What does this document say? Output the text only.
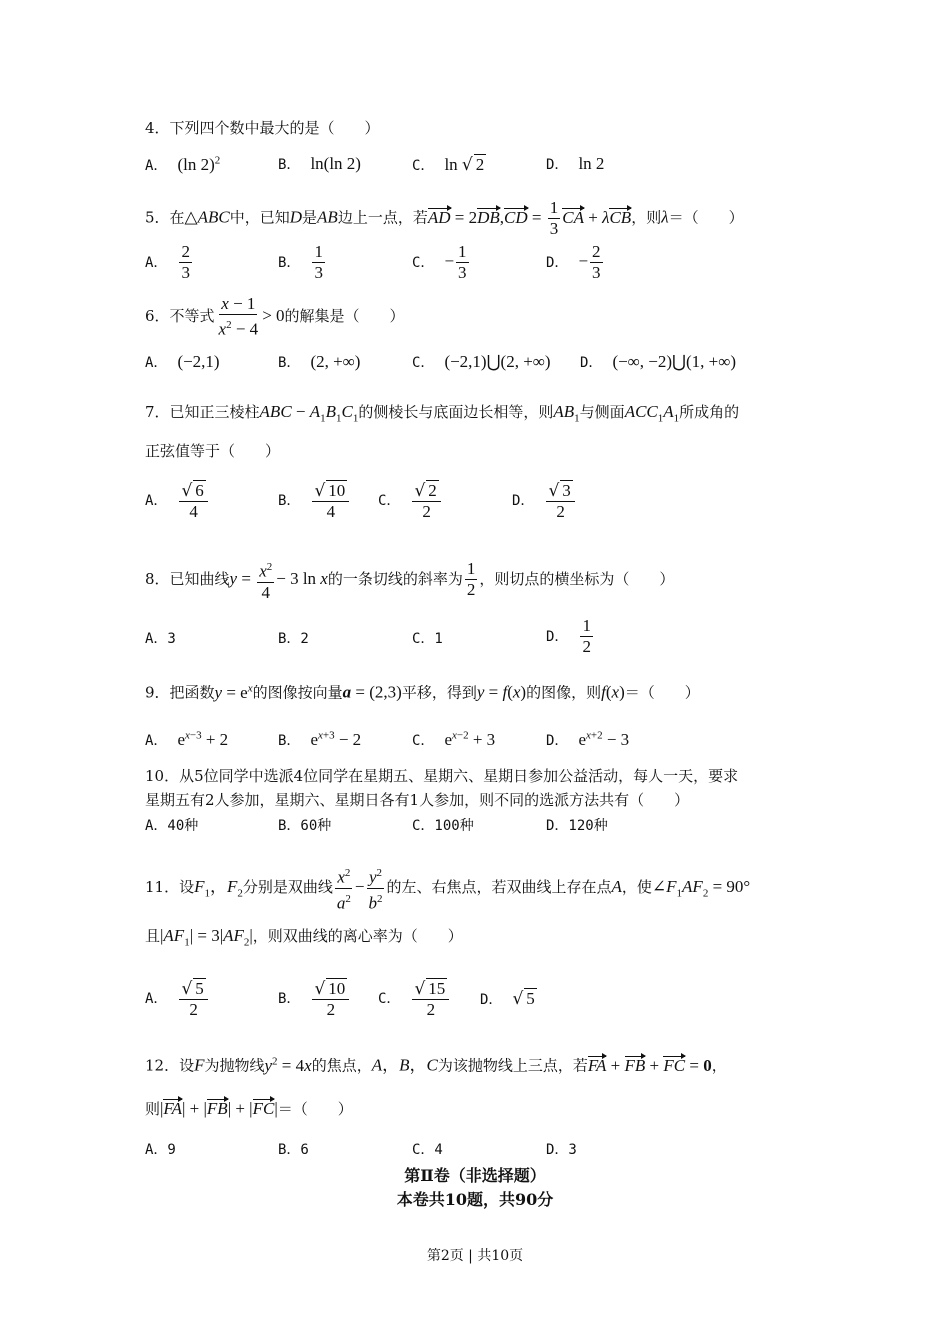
4．下列四个数中最大的是（　　）
A． (ln 2)$^2$	B． ln(ln 2)	C． ln √ 2	D． ln 2
5．在△ABC中，已知D是AB边上一点，若AD = $2DB,CD = \frac{1}{3}$ CA + λCB，则λ＝（　　）
A． $\frac{2}{3}$	B． $\frac{1}{3}$	C． − $\frac{1}{3}$	D． − $\frac{2}{3}$
6．不等式 $\frac{x - 1}{x^2 - 4} > 0$的解集是（　　）
A． (−2,1)	B． (2, +∞)	C． (−2,1)⋃(2, +∞) D． (−∞, −2)⋃(1, +∞)
7．已知正三棱柱ABC − $A_1B_1C_1$的侧棱长与底面边长相等，则$AB_1$与侧面$ACC_1A_1$所成角的
正弦值等于（　　）
A． $\frac{√ 6}{4}$	B． $\frac{√ 10}{4}$ C． $\frac{√ 2}{2}$	D． $\frac{√ 3}{2}$
8．已知曲线$y = \frac{x^2}{4} - 3$ ln x的一条切线的斜率为 $\frac{1}{2}$ ，则切点的横坐标为（　　）
A．3	B．2	C．1	D． $\frac{1}{2}$
9．把函数$y = e^x$的图像按向量a = (2,3)平移，得到y = f(x)的图像，则f(x)＝（　　）
A． $e^{x-3} + 2$	B． $e^{x+3} - 2$	C． $e^{x-2} + 3$	D． $e^{x+2} - 3$
10．从5位同学中选派4位同学在星期五、星期六、星期日参加公益活动，每人一天，要求
星期五有2人参加，星期六、星期日各有1人参加，则不同的选派方法共有（　　）
A．40种	B．60种	C．100种	D．120种
11．设$F_1$，$F_2$分别是双曲线 $\frac{x^2}{a^2} - \frac{y^2}{b^2}$ 的左、右焦点，若双曲线上存在点A，使$\angle F_1AF_2 = 90^\circ$
且$|AF_1| = 3|AF_2|$，则双曲线的离心率为（　　）
A． $\frac{√ 5}{2}$	B． $\frac{√ 10}{2}$ C． $\frac{√ 15}{2}$ D． √ 5
12．设F为抛物线$y^2 = 4x$的焦点，A，B，C为该抛物线上三点，若FA + FB + FC = 0，
则|FA| + |FB| + |FC|＝（　　）
A．9	B．6	C．4	D．3
第Ⅱ卷（非选择题）
本卷共10题，共90分
第2页 | 共10页
